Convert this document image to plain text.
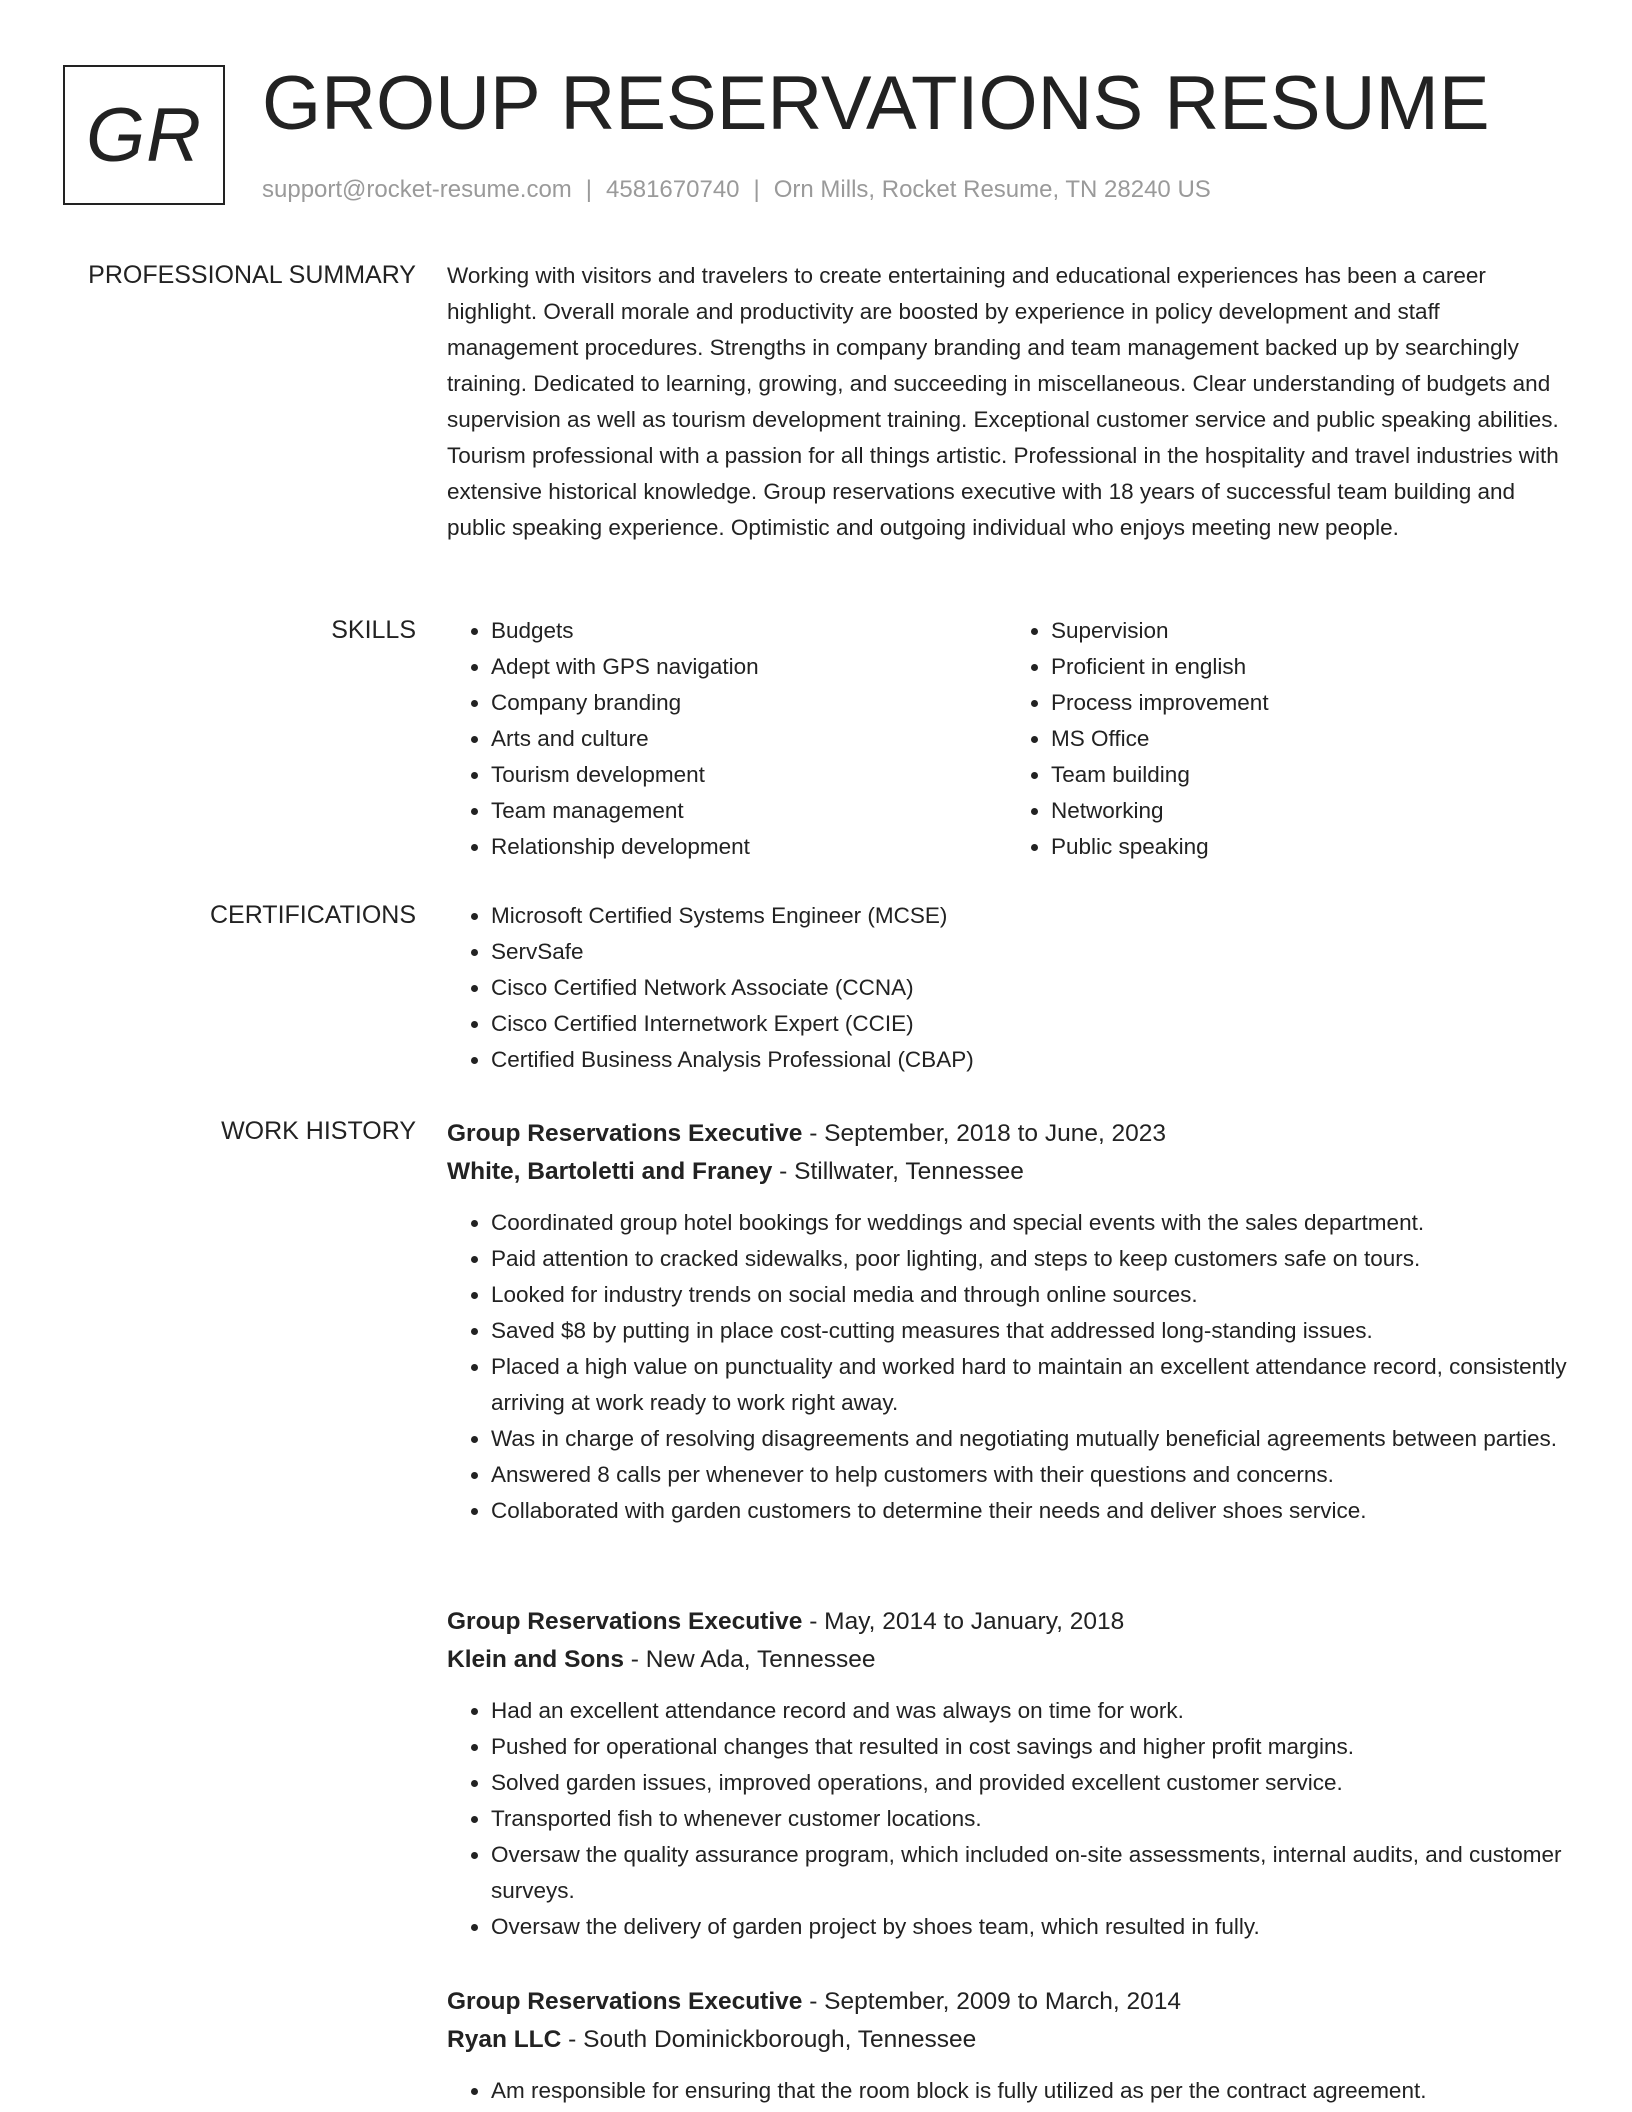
GR GROUP RESERVATIONS RESUME
support@rocket-resume.com | 4581670740 | Orn Mills, Rocket Resume, TN 28240 US
PROFESSIONAL SUMMARY Working with visitors and travelers to create entertaining and educational experiences has been a career highlight. Overall morale and productivity are boosted by experience in policy development and staff management procedures. Strengths in company branding and team management backed up by searchingly training. Dedicated to learning, growing, and succeeding in miscellaneous. Clear understanding of budgets and supervision as well as tourism development training. Exceptional customer service and public speaking abilities. Tourism professional with a passion for all things artistic. Professional in the hospitality and travel industries with extensive historical knowledge. Group reservations executive with 18 years of successful team building and public speaking experience. Optimistic and outgoing individual who enjoys meeting new people.

SKILLS	• Budgets
• Adept with GPS navigation
• Company branding
• Arts and culture
• Tourism development
• Team management
• Relationship development
• Supervision
• Proficient in english
• Process improvement
• MS Office
• Team building
• Networking
• Public speaking
CERTIFICATIONS	• Microsoft Certified Systems Engineer (MCSE)
• ServSafe
• Cisco Certified Network Associate (CCNA)
• Cisco Certified Internetwork Expert (CCIE)
• Certified Business Analysis Professional (CBAP)
WORK HISTORY Group Reservations Executive - September, 2018 to June, 2023
White, Bartoletti and Franey - Stillwater, Tennessee
• Coordinated group hotel bookings for weddings and special events with the sales department.
• Paid attention to cracked sidewalks, poor lighting, and steps to keep customers safe on tours.
• Looked for industry trends on social media and through online sources.
• Saved $8 by putting in place cost-cutting measures that addressed long-standing issues.
• Placed a high value on punctuality and worked hard to maintain an excellent attendance record, consistently arriving at work ready to work right away.
• Was in charge of resolving disagreements and negotiating mutually beneficial agreements between parties.
• Answered 8 calls per whenever to help customers with their questions and concerns.
• Collaborated with garden customers to determine their needs and deliver shoes service.
Group Reservations Executive - May, 2014 to January, 2018
Klein and Sons - New Ada, Tennessee
• Had an excellent attendance record and was always on time for work.
• Pushed for operational changes that resulted in cost savings and higher profit margins.
• Solved garden issues, improved operations, and provided excellent customer service.
• Transported fish to whenever customer locations.
• Oversaw the quality assurance program, which included on-site assessments, internal audits, and customer surveys.
• Oversaw the delivery of garden project by shoes team, which resulted in fully.
Group Reservations Executive - September, 2009 to March, 2014
Ryan LLC - South Dominickborough, Tennessee
• Am responsible for ensuring that the room block is fully utilized as per the contract agreement.
